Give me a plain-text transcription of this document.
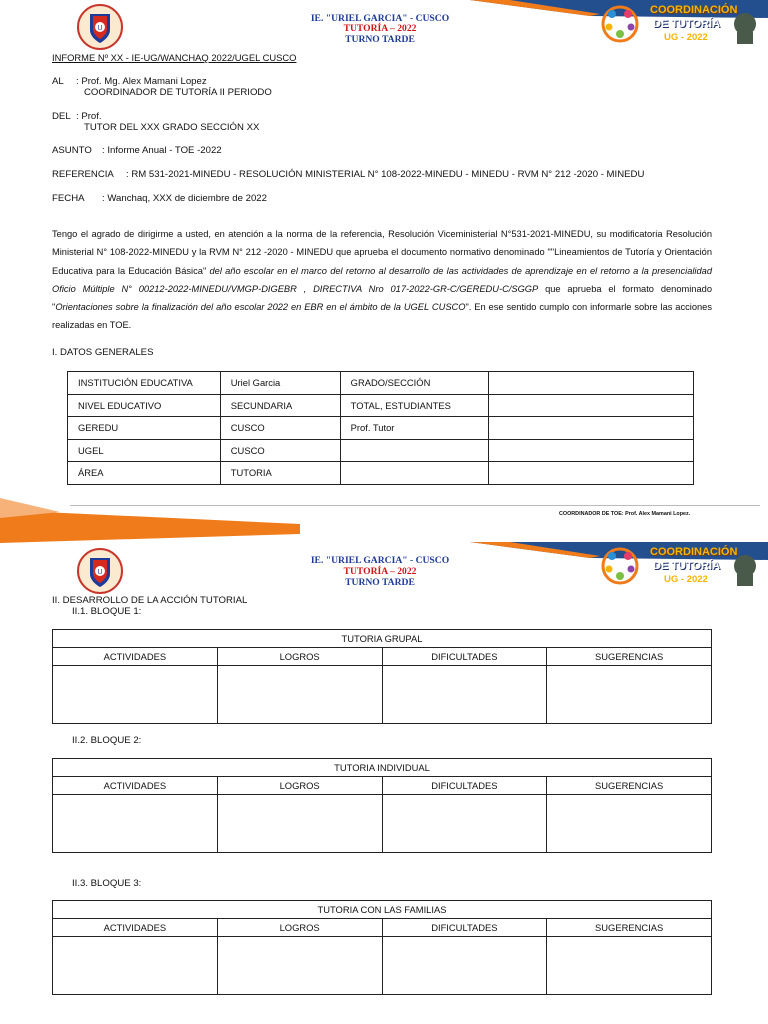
U
IE. "URIEL GARCIA" - CUSCO
TUTORÍA – 2022
TURNO TARDE
COORDINACIÓN
DE TUTORÍA
UG - 2022
INFORME Nº XX - IE-UG/WANCHAQ 2022/UGEL CUSCO
AL : Prof. Mg. Alex Mamani Lopez
COORDINADOR DE TUTORÍA II PERIODO
DEL : Prof.
TUTOR DEL XXX GRADO SECCIÓN XX
ASUNTO : Informe Anual - TOE -2022
REFERENCIA : RM 531-2021-MINEDU - RESOLUCIÓN MINISTERIAL N° 108-2022-MINEDU - MINEDU - RVM N° 212 -2020 - MINEDU
FECHA : Wanchaq, XXX de diciembre de 2022

Tengo el agrado de dirigirme a usted, en atención a la norma de la referencia, Resolución Viceministerial N°531-2021-MINEDU, su modificatoria Resolución Ministerial N° 108-2022-MINEDU y la RVM N° 212 -2020 - MINEDU que aprueba el documento normativo denominado ""Lineamientos de Tutoría y Orientación Educativa para la Educación Básica" del año escolar en el marco del retorno al desarrollo de las actividades de aprendizaje en el retorno a la presencialidad Oficio Múltiple N° 00212-2022-MINEDU/VMGP-DIGEBR , DIRECTIVA Nro 017-2022-GR-C/GEREDU-C/SGGP que aprueba el formato denominado "Orientaciones sobre la finalización del año escolar 2022 en EBR en el ámbito de la UGEL CUSCO". En ese sentido cumplo con informarle sobre las acciones realizadas en TOE.

I. DATOS GENERALES
INSTITUCIÓN EDUCATIVA	Uriel Garcia	GRADO/SECCIÓN	
NIVEL EDUCATIVO	SECUNDARIA	TOTAL, ESTUDIANTES	
GEREDU	CUSCO	Prof. Tutor	
UGEL	CUSCO		
ÁREA	TUTORIA		
COORDINADOR DE TOE: Prof. Alex Mamani Lopez.
U
IE. "URIEL GARCIA" - CUSCO
TUTORÍA – 2022
TURNO TARDE
COORDINACIÓN
DE TUTORÍA
UG - 2022
II. DESARROLLO DE LA ACCIÓN TUTORIAL
II.1. BLOQUE 1:
TUTORIA GRUPAL			
ACTIVIDADES	LOGROS	DIFICULTADES	SUGERENCIAS

II.2. BLOQUE 2:
TUTORIA INDIVIDUAL			
ACTIVIDADES	LOGROS	DIFICULTADES	SUGERENCIAS

II.3. BLOQUE 3:
TUTORIA CON LAS FAMILIAS			
ACTIVIDADES	LOGROS	DIFICULTADES	SUGERENCIAS
